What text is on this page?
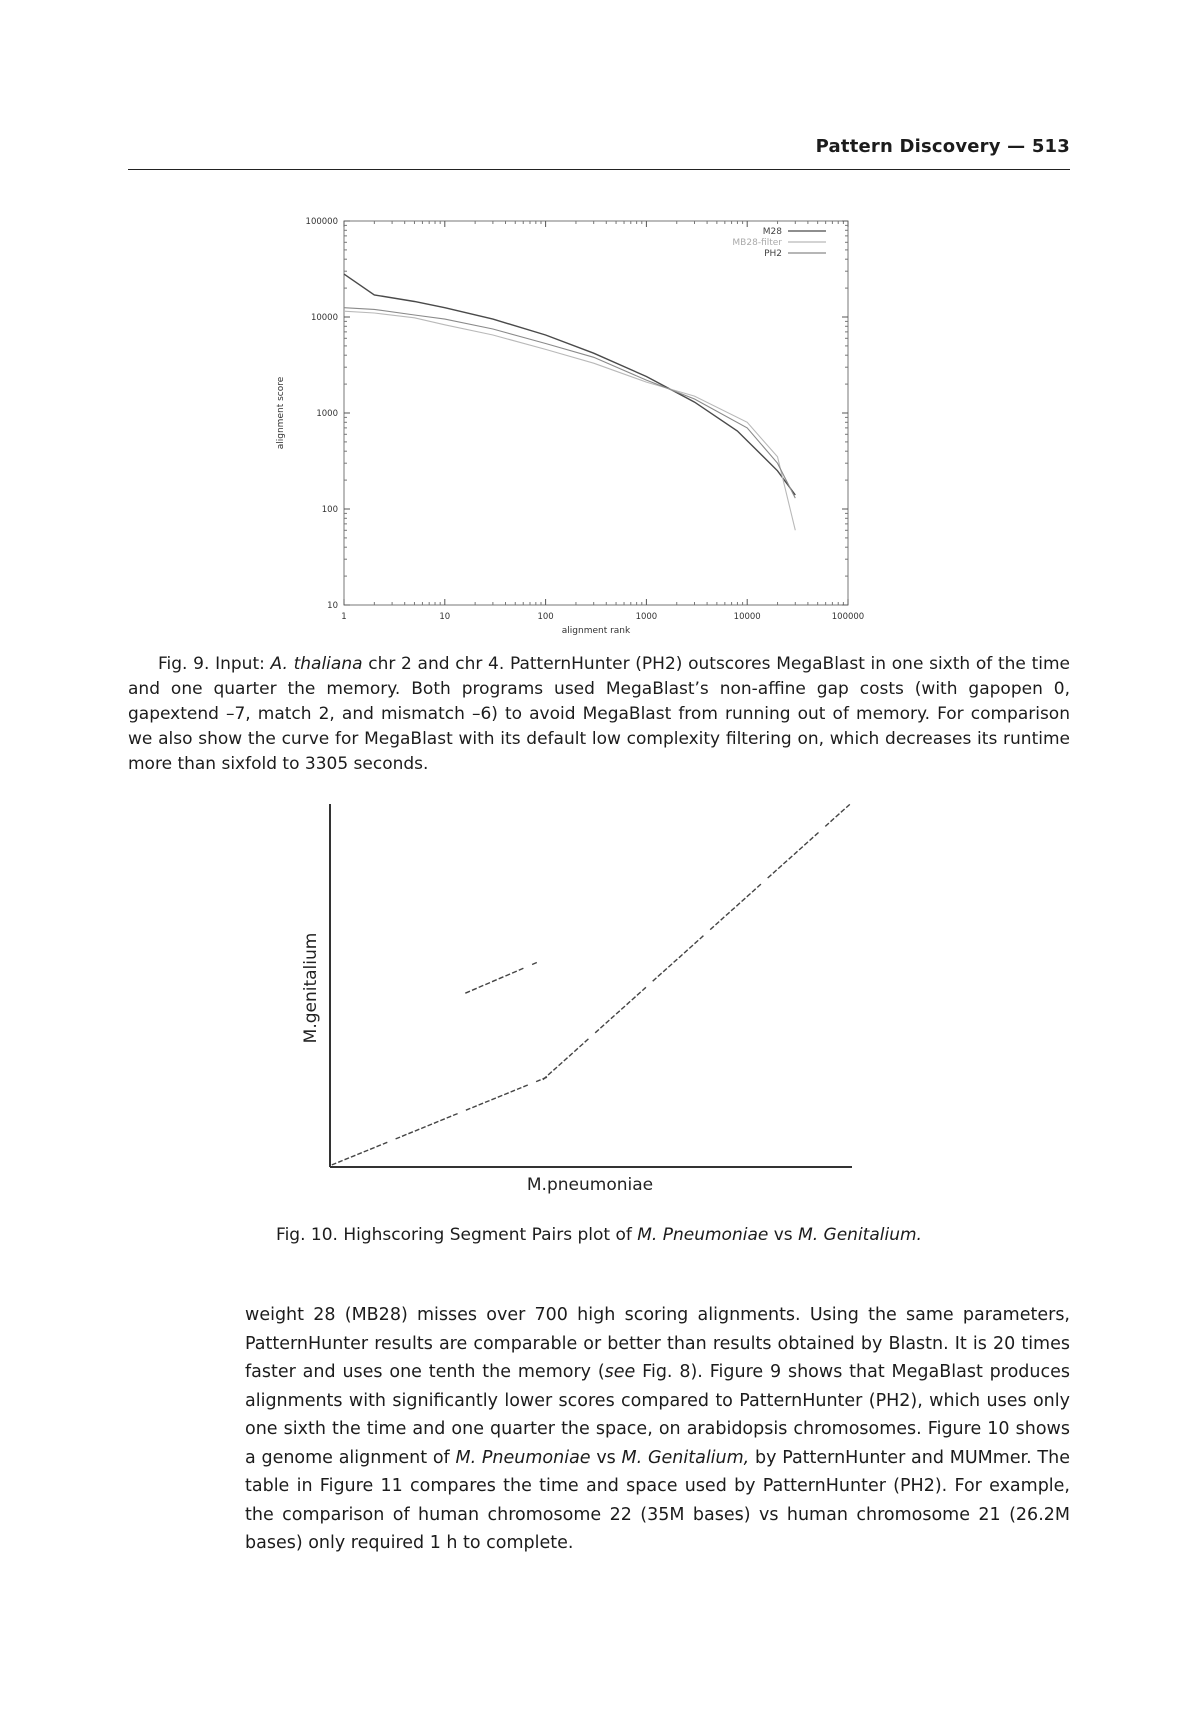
Pattern Discovery — 513
1	10	100	1000	10000	100000
10
100
1000
10000
100000
M28
MB28-filter
PH2
alignment rank
alignment score

Fig. 9. Input: A. thaliana chr 2 and chr 4. PatternHunter (PH2) outscores MegaBlast in one sixth of the time and one quarter the memory. Both programs used MegaBlast’s non-affine gap costs (with gapopen 0, gapextend –7, match 2, and mismatch –6) to avoid MegaBlast from running out of memory. For comparison we also show the curve for MegaBlast with its default low complexity filtering on, which decreases its runtime more than sixfold to 3305 seconds.

M.pneumoniae
M.genitalium

Fig. 10. Highscoring Segment Pairs plot of M. Pneumoniae vs M. Genitalium.

weight 28 (MB28) misses over 700 high scoring alignments. Using the same parameters, PatternHunter results are comparable or better than results obtained by Blastn. It is 20 times faster and uses one tenth the memory (see Fig. 8). Figure 9 shows that MegaBlast produces alignments with significantly lower scores compared to PatternHunter (PH2), which uses only one sixth the time and one quarter the space, on arabidopsis chromosomes. Figure 10 shows a genome alignment of M. Pneumoniae vs M. Genitalium, by PatternHunter and MUMmer. The table in Figure 11 compares the time and space used by PatternHunter (PH2). For example, the comparison of human chromosome 22 (35M bases) vs human chromosome 21 (26.2M bases) only required 1 h to complete.
